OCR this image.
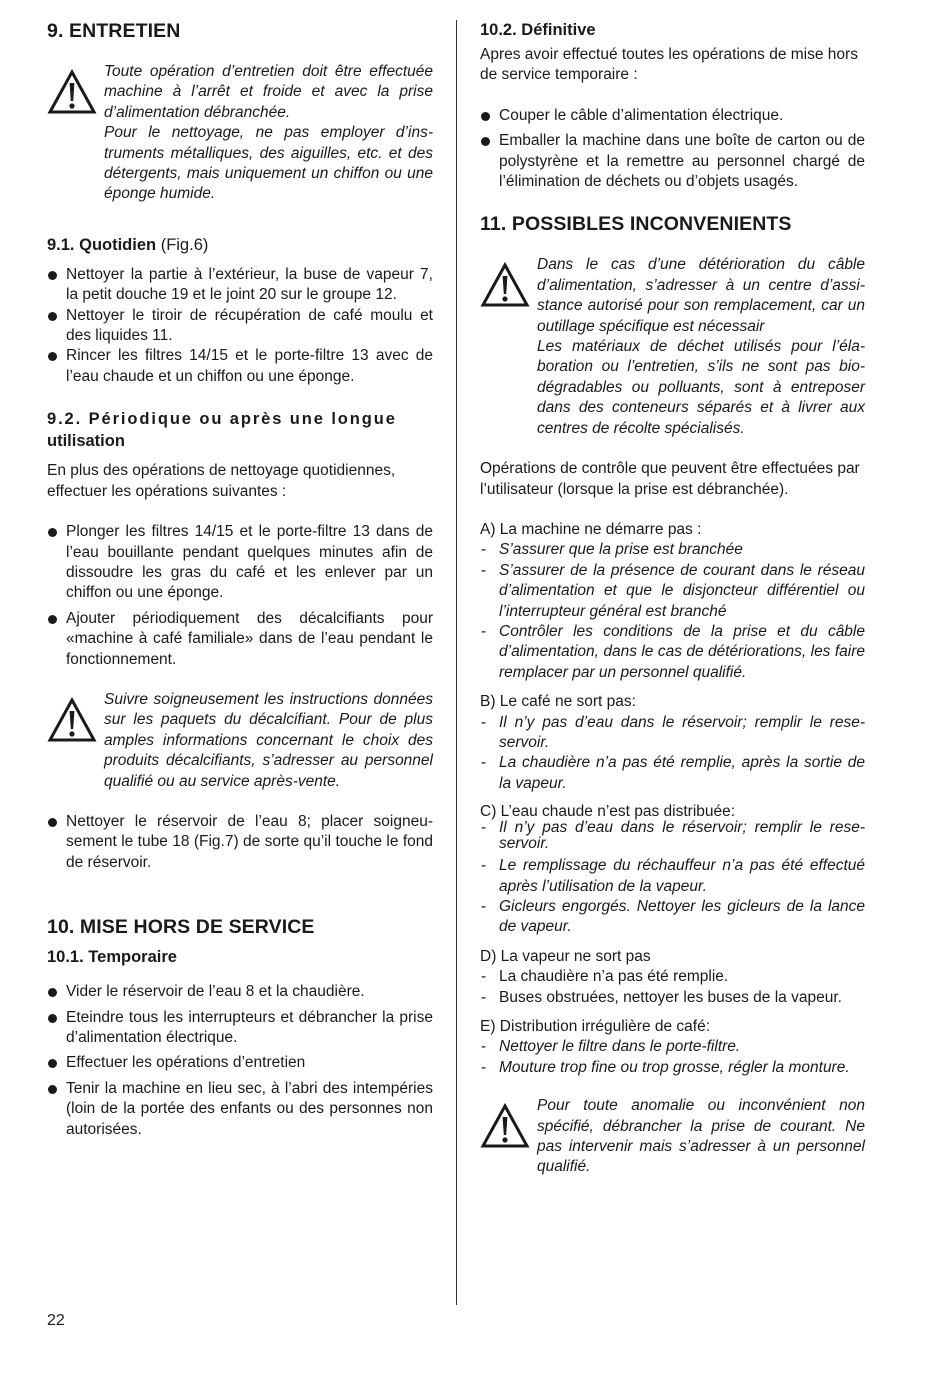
9. ENTRETIEN

Toute opération d’entretien doit être effectuée machine à l’arrêt et froide et avec la prise d’alimentation débranchée.

Pour le nettoyage, ne pas employer d’instruments métalliques, des aiguilles, etc. et des détergents, mais uniquement un chiffon ou une éponge humide.

9.1. Quotidien (Fig.6)
Nettoyer la partie à l’extérieur, la buse de vapeur 7, la petit douche 19 et le joint 20 sur le groupe 12.
Nettoyer le tiroir de récupération de café moulu et des liquides 11.
Rincer les filtres 14/15 et le porte-filtre 13 avec de l’eau chaude et un chiffon ou une éponge.
9.2. Périodique ou après une longue
utilisation

En plus des opérations de nettoyage quotidiennes, effectuer les opérations suivantes :

Plonger les filtres 14/15 et le porte-filtre 13 dans de l’eau bouillante pendant quelques minutes afin de dissoudre les gras du café et les enlever par un chiffon ou une éponge.
Ajouter périodiquement des décalcifiants pour «machine à café familiale» dans de l’eau pendant le fonctionnement.

Suivre soigneusement les instructions données sur les paquets du décalcifiant. Pour de plus amples informations concernant le choix des produits décalcifiants, s’adresser au personnel qualifié ou au service après-vente.

Nettoyer le réservoir de l’eau 8; placer soigneusement le tube 18 (Fig.7) de sorte qu’il touche le fond de réservoir.
10. MISE HORS DE SERVICE
10.1. Temporaire
Vider le réservoir de l’eau 8 et la chaudière.
Eteindre tous les interrupteurs et débrancher la prise d’alimentation électrique.
Effectuer les opérations d’entretien
Tenir la machine en lieu sec, à l’abri des intempéries (loin de la portée des enfants ou des personnes non autorisées.
10.2. Définitive

Apres avoir effectué toutes les opérations de mise hors de service temporaire :

Couper le câble d’alimentation électrique.
Emballer la machine dans une boîte de carton ou de polystyrène et la remettre au personnel chargé de l’élimination de déchets ou d’objets usagés.
11. POSSIBLES INCONVENIENTS

Dans le cas d’une détérioration du câble d’alimentation, s’adresser à un centre d’assistance autorisé pour son remplacement, car un outillage spécifique est nécessair

Les matériaux de déchet utilisés pour l’élaboration ou l’entretien, s’ils ne sont pas biodégradables ou polluants, sont à entreposer dans des conteneurs séparés et à livrer aux centres de récolte spécialisés.

Opérations de contrôle que peuvent être effectuées par l’utilisateur (lorsque la prise est débranchée).

A) La machine ne démarre pas :

- S’assurer que la prise est branchée
- S’assurer de la présence de courant dans le réseau d’alimentation et que le disjoncteur différentiel ou l’interrupteur général est branché
- Contrôler les conditions de la prise et du câble d’alimentation, dans le cas de détériorations, les faire remplacer par un personnel qualifié.

B) Le café ne sort pas:

- Il n’y pas d’eau dans le réservoir; remplir le reseservoir.
- La chaudière n’a pas été remplie, après la sortie de la vapeur.

C) L’eau chaude n’est pas distribuée:

- Il n’y pas d’eau dans le réservoir; remplir le reseservoir.
- Le remplissage du réchauffeur n’a pas été effectué après l’utilisation de la vapeur.
- Gicleurs engorgés. Nettoyer les gicleurs de la lance de vapeur.

D) La vapeur ne sort pas

- La chaudière n’a pas été remplie.
- Buses obstruées, nettoyer les buses de la vapeur.

E) Distribution irrégulière de café:

- Nettoyer le filtre dans le porte-filtre.
- Mouture trop fine ou trop grosse, régler la monture.

Pour toute anomalie ou inconvénient non spécifié, débrancher la prise de courant. Ne pas intervenir mais s’adresser à un personnel qualifié.

22
